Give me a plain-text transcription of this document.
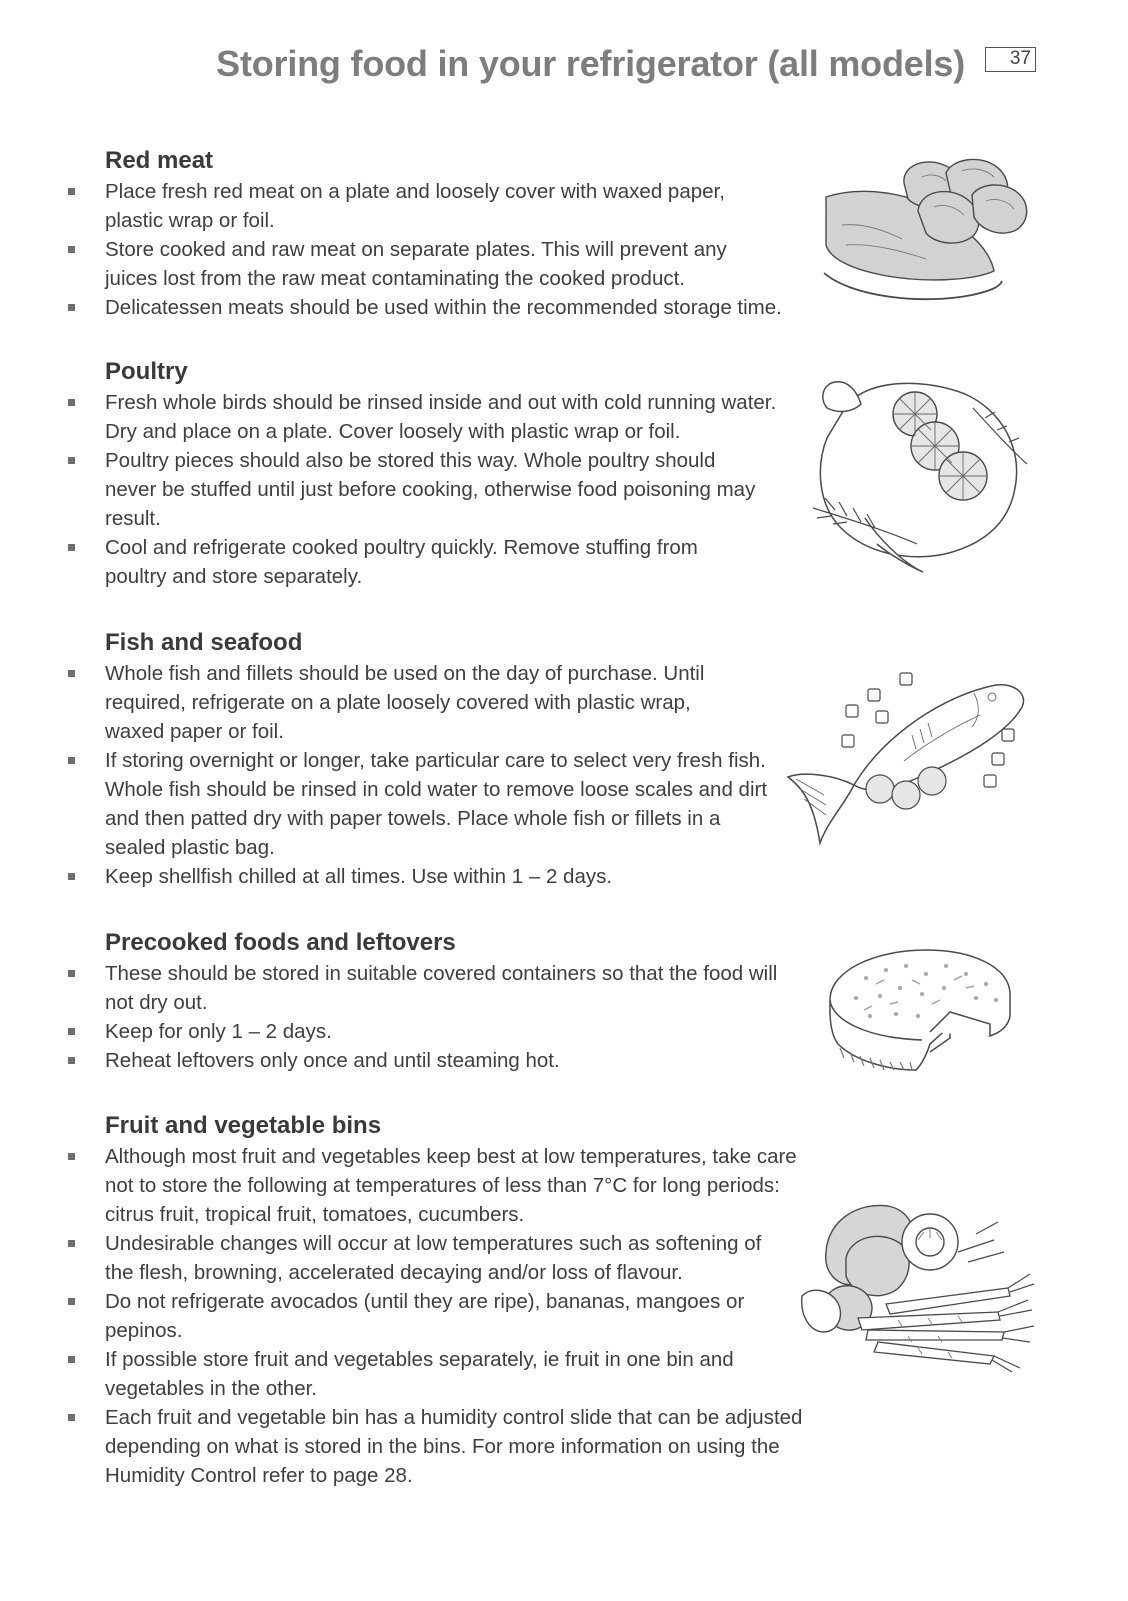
Storing food in your refrigerator (all models)	37
Red meat
Place fresh red meat on a plate and loosely cover with waxed paper, plastic wrap or foil.
Store cooked and raw meat on separate plates. This will prevent any juices lost from the raw meat contaminating the cooked product.
Delicatessen meats should be used within the recommended storage time.
Poultry
Fresh whole birds should be rinsed inside and out with cold running water. Dry and place on a plate. Cover loosely with plastic wrap or foil.
Poultry pieces should also be stored this way. Whole poultry should never be stuffed until just before cooking, otherwise food poisoning may result.
Cool and refrigerate cooked poultry quickly. Remove stuffing from poultry and store separately.
Fish and seafood
Whole fish and fillets should be used on the day of purchase. Until required, refrigerate on a plate loosely covered with plastic wrap, waxed paper or foil.
If storing overnight or longer, take particular care to select very fresh fish. Whole fish should be rinsed in cold water to remove loose scales and dirt and then patted dry with paper towels. Place whole fish or fillets in a sealed plastic bag.
Keep shellfish chilled at all times. Use within 1 – 2 days.
Precooked foods and leftovers
These should be stored in suitable covered containers so that the food will not dry out.
Keep for only 1 – 2 days.
Reheat leftovers only once and until steaming hot.
Fruit and vegetable bins
Although most fruit and vegetables keep best at low temperatures, take care not to store the following at temperatures of less than 7°C for long periods: citrus fruit, tropical fruit, tomatoes, cucumbers.
Undesirable changes will occur at low temperatures such as softening of the flesh, browning, accelerated decaying and/or loss of flavour.
Do not refrigerate avocados (until they are ripe), bananas, mangoes or pepinos.
If possible store fruit and vegetables separately, ie fruit in one bin and vegetables in the other.
Each fruit and vegetable bin has a humidity control slide that can be adjusted depending on what is stored in the bins. For more information on using the Humidity Control refer to page 28.
